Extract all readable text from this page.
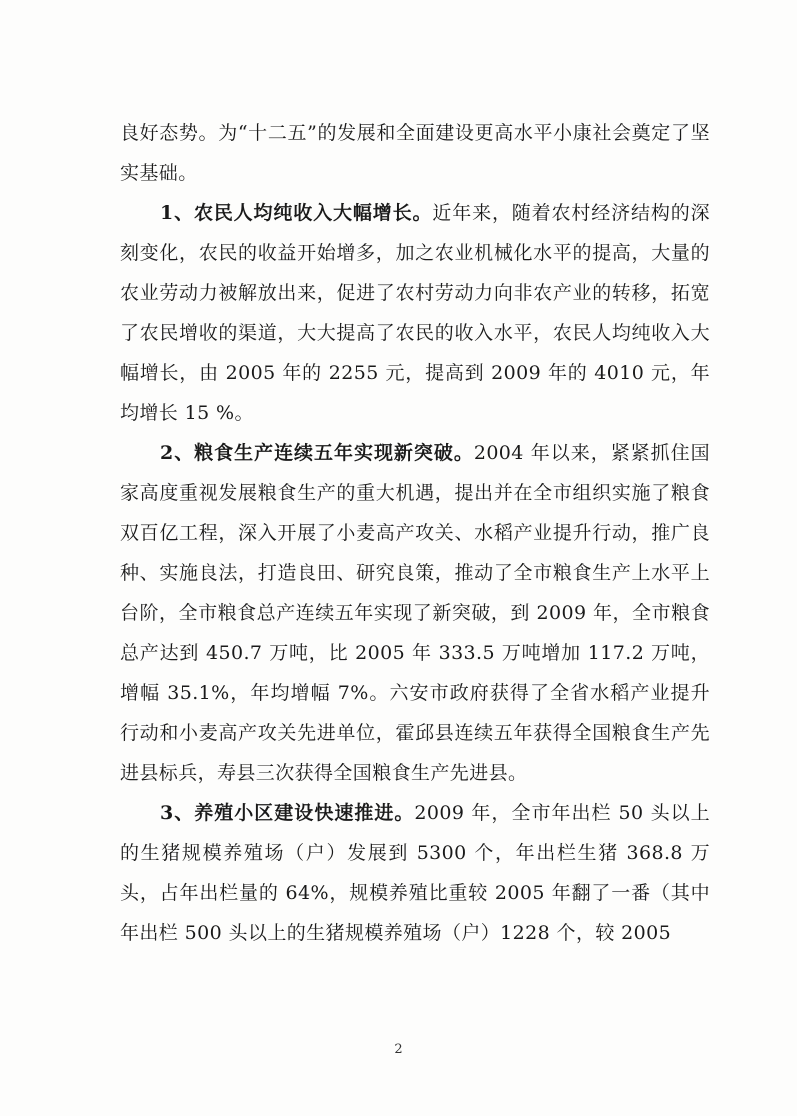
良好态势。为“十二五”的发展和全面建设更高水平小康社会奠定了坚实基础。

1、农民人均纯收入大幅增长。近年来，随着农村经济结构的深刻变化，农民的收益开始增多，加之农业机械化水平的提高，大量的农业劳动力被解放出来，促进了农村劳动力向非农产业的转移，拓宽了农民增收的渠道，大大提高了农民的收入水平，农民人均纯收入大幅增长，由 2005 年的 2255 元，提高到 2009 年的 4010 元，年均增长 15 %。

2、粮食生产连续五年实现新突破。2004 年以来，紧紧抓住国家高度重视发展粮食生产的重大机遇，提出并在全市组织实施了粮食双百亿工程，深入开展了小麦高产攻关、水稻产业提升行动，推广良种、实施良法，打造良田、研究良策，推动了全市粮食生产上水平上台阶，全市粮食总产连续五年实现了新突破，到 2009 年，全市粮食总产达到 450.7 万吨，比 2005 年 333.5 万吨增加 117.2 万吨，增幅 35.1%，年均增幅 7%。六安市政府获得了全省水稻产业提升行动和小麦高产攻关先进单位，霍邱县连续五年获得全国粮食生产先进县标兵，寿县三次获得全国粮食生产先进县。

3、养殖小区建设快速推进。2009 年，全市年出栏 50 头以上的生猪规模养殖场（户）发展到 5300 个，年出栏生猪 368.8 万头，占年出栏量的 64%，规模养殖比重较 2005 年翻了一番（其中年出栏 500 头以上的生猪规模养殖场（户）1228 个，较 2005

2
